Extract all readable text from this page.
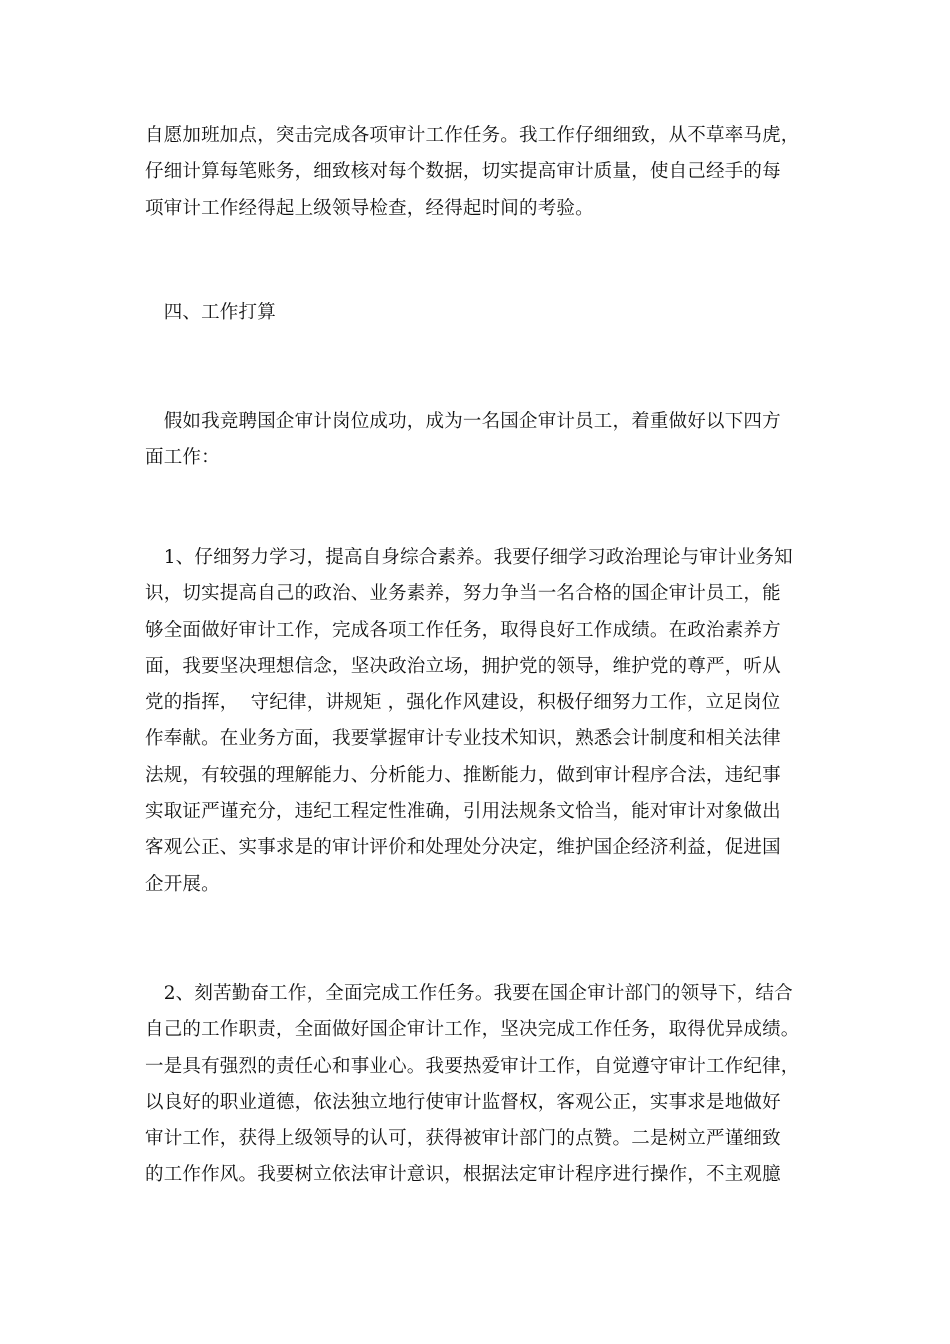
自愿加班加点，突击完成各项审计工作任务。我工作仔细细致，从不草率马虎，
仔细计算每笔账务，细致核对每个数据，切实提高审计质量，使自己经手的每
项审计工作经得起上级领导检查，经得起时间的考验。
　四、工作打算
　假如我竞聘国企审计岗位成功，成为一名国企审计员工，着重做好以下四方
面工作：
　1、仔细努力学习，提高自身综合素养。我要仔细学习政治理论与审计业务知
识，切实提高自己的政治、业务素养，努力争当一名合格的国企审计员工，能
够全面做好审计工作，完成各项工作任务，取得良好工作成绩。在政治素养方
面，我要坚决理想信念，坚决政治立场，拥护党的领导，维护党的尊严，听从
党的指挥，  守纪律，讲规矩 ，强化作风建设，积极仔细努力工作，立足岗位
作奉献。在业务方面，我要掌握审计专业技术知识，熟悉会计制度和相关法律
法规，有较强的理解能力、分析能力、推断能力，做到审计程序合法，违纪事
实取证严谨充分，违纪工程定性准确，引用法规条文恰当，能对审计对象做出
客观公正、实事求是的审计评价和处理处分决定，维护国企经济利益，促进国
企开展。
　2、刻苦勤奋工作，全面完成工作任务。我要在国企审计部门的领导下，结合
自己的工作职责，全面做好国企审计工作，坚决完成工作任务，取得优异成绩。
一是具有强烈的责任心和事业心。我要热爱审计工作，自觉遵守审计工作纪律，
以良好的职业道德，依法独立地行使审计监督权，客观公正，实事求是地做好
审计工作，获得上级领导的认可，获得被审计部门的点赞。二是树立严谨细致
的工作作风。我要树立依法审计意识，根据法定审计程序进行操作，不主观臆
